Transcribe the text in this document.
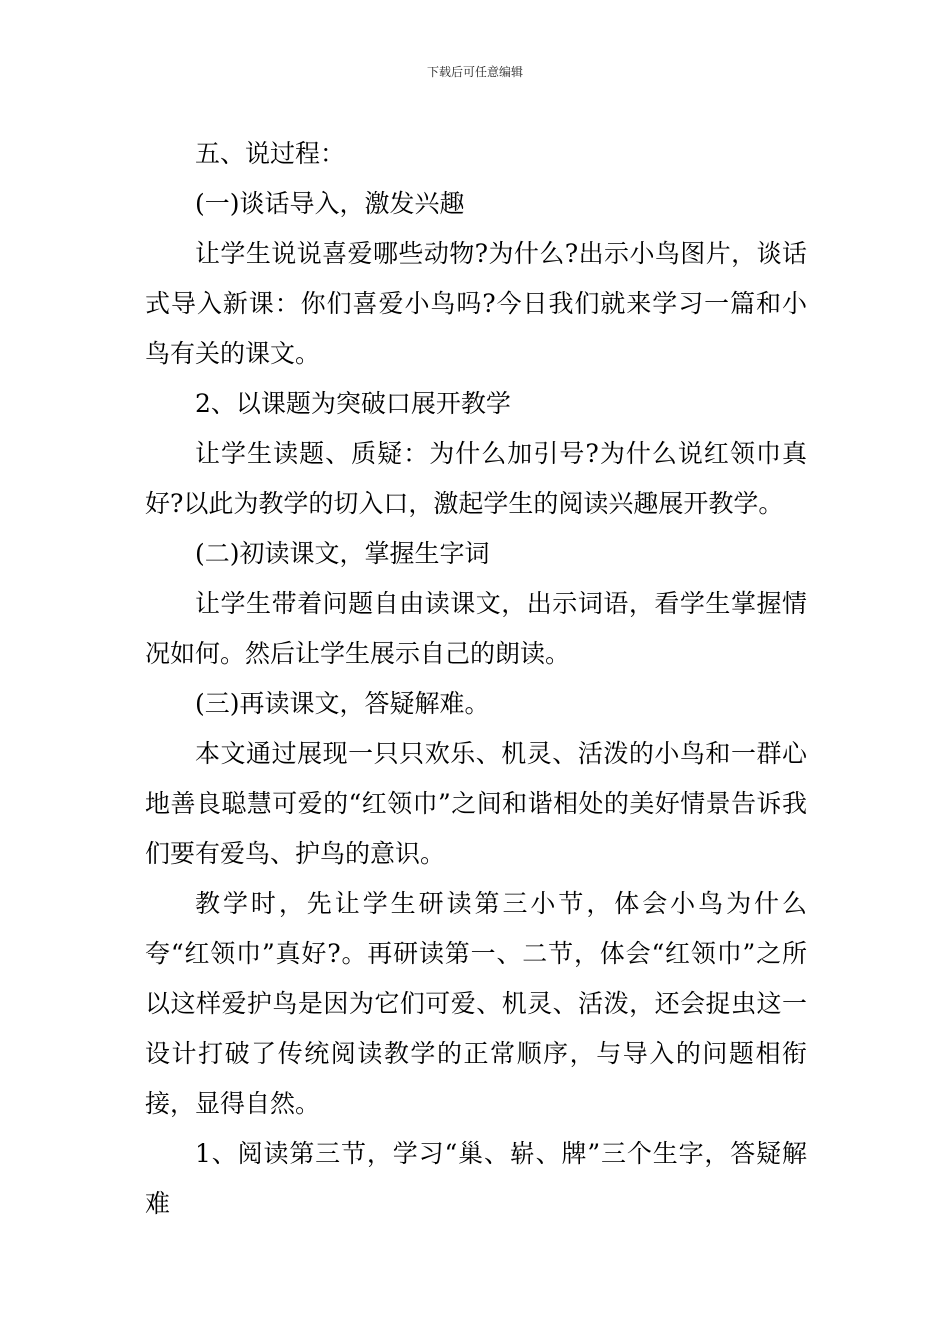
下载后可任意编辑

五、说过程：

(一)谈话导入，激发兴趣

让学生说说喜爱哪些动物?为什么?出示小鸟图片，谈话式导入新课：你们喜爱小鸟吗?今日我们就来学习一篇和小鸟有关的课文。

2、以课题为突破口展开教学

让学生读题、质疑：为什么加引号?为什么说红领巾真好?以此为教学的切入口，激起学生的阅读兴趣展开教学。

(二)初读课文，掌握生字词

让学生带着问题自由读课文，出示词语，看学生掌握情况如何。然后让学生展示自己的朗读。

(三)再读课文，答疑解难。

本文通过展现一只只欢乐、机灵、活泼的小鸟和一群心地善良聪慧可爱的“红领巾”之间和谐相处的美好情景告诉我们要有爱鸟、护鸟的意识。

教学时，先让学生研读第三小节，体会小鸟为什么夸“红领巾”真好?。再研读第一、二节，体会“红领巾”之所以这样爱护鸟是因为它们可爱、机灵、活泼，还会捉虫这一设计打破了传统阅读教学的正常顺序，与导入的问题相衔接，显得自然。

1、阅读第三节，学习“巢、崭、牌”三个生字，答疑解难
